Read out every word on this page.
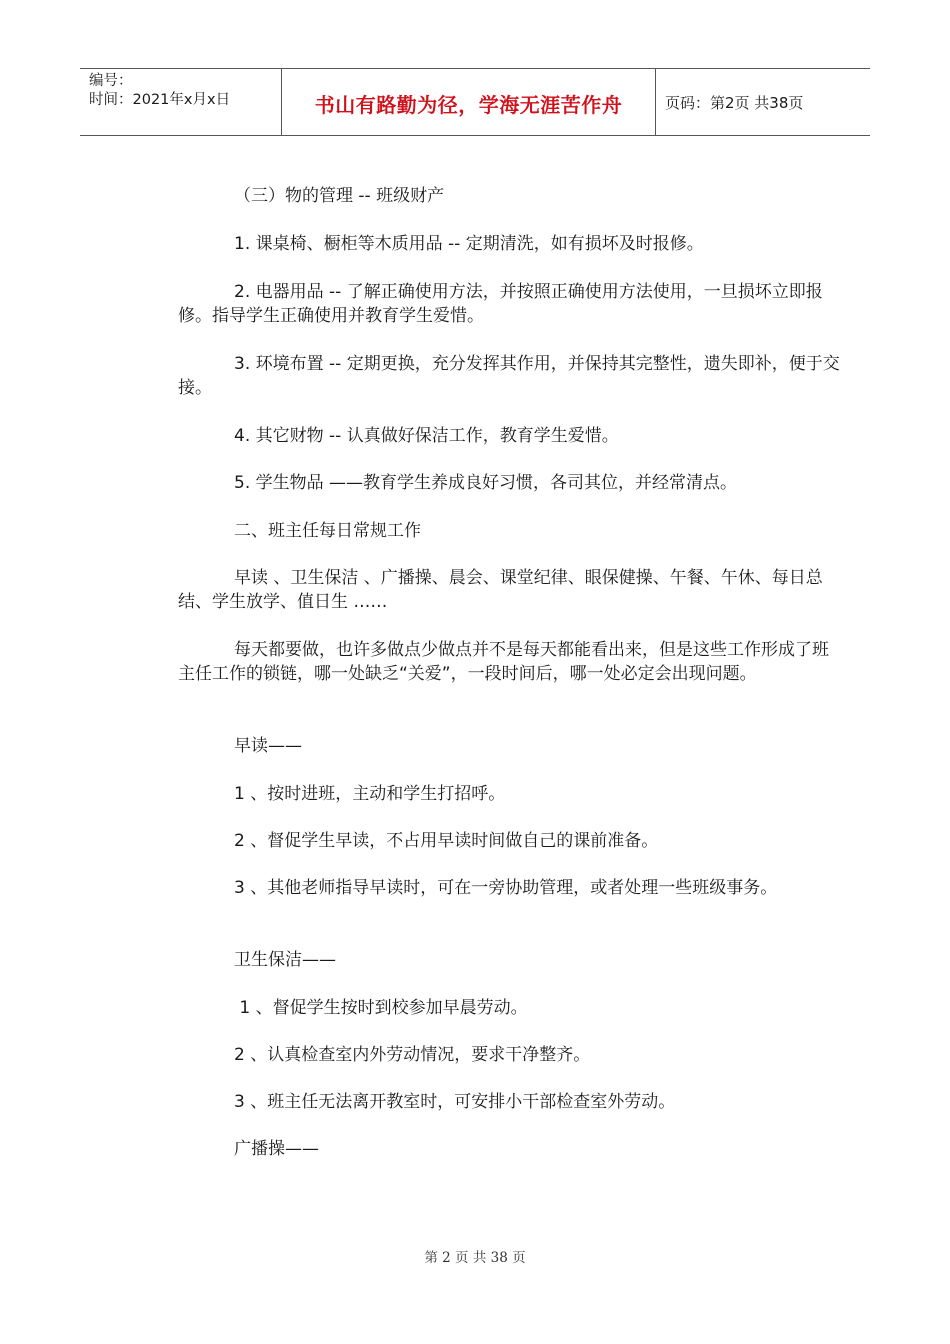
编号：
时间：2021年x月x日	书山有路勤为径，学海无涯苦作舟	页码：第2页 共38页
（三）物的管理 -- 班级财产
1. 课桌椅、橱柜等木质用品 -- 定期清洗，如有损坏及时报修。
2. 电器用品 -- 了解正确使用方法，并按照正确使用方法使用，一旦损坏立即报修。指导学生正确使用并教育学生爱惜。
3. 环境布置 -- 定期更换，充分发挥其作用，并保持其完整性，遗失即补，便于交接。
4. 其它财物 -- 认真做好保洁工作，教育学生爱惜。
5. 学生物品 ——教育学生养成良好习惯，各司其位，并经常清点。
二、班主任每日常规工作
早读 、卫生保洁 、广播操、晨会、课堂纪律、眼保健操、午餐、午休、每日总结、学生放学、值日生 ……
每天都要做，也许多做点少做点并不是每天都能看出来，但是这些工作形成了班主任工作的锁链，哪一处缺乏“关爱”，一段时间后，哪一处必定会出现问题。
早读——
1 、按时进班，主动和学生打招呼。
2 、督促学生早读，不占用早读时间做自己的课前准备。
3 、其他老师指导早读时，可在一旁协助管理，或者处理一些班级事务。
卫生保洁——
1 、督促学生按时到校参加早晨劳动。
2 、认真检查室内外劳动情况，要求干净整齐。
3 、班主任无法离开教室时，可安排小干部检查室外劳动。
广播操——
第 2 页 共 38 页
